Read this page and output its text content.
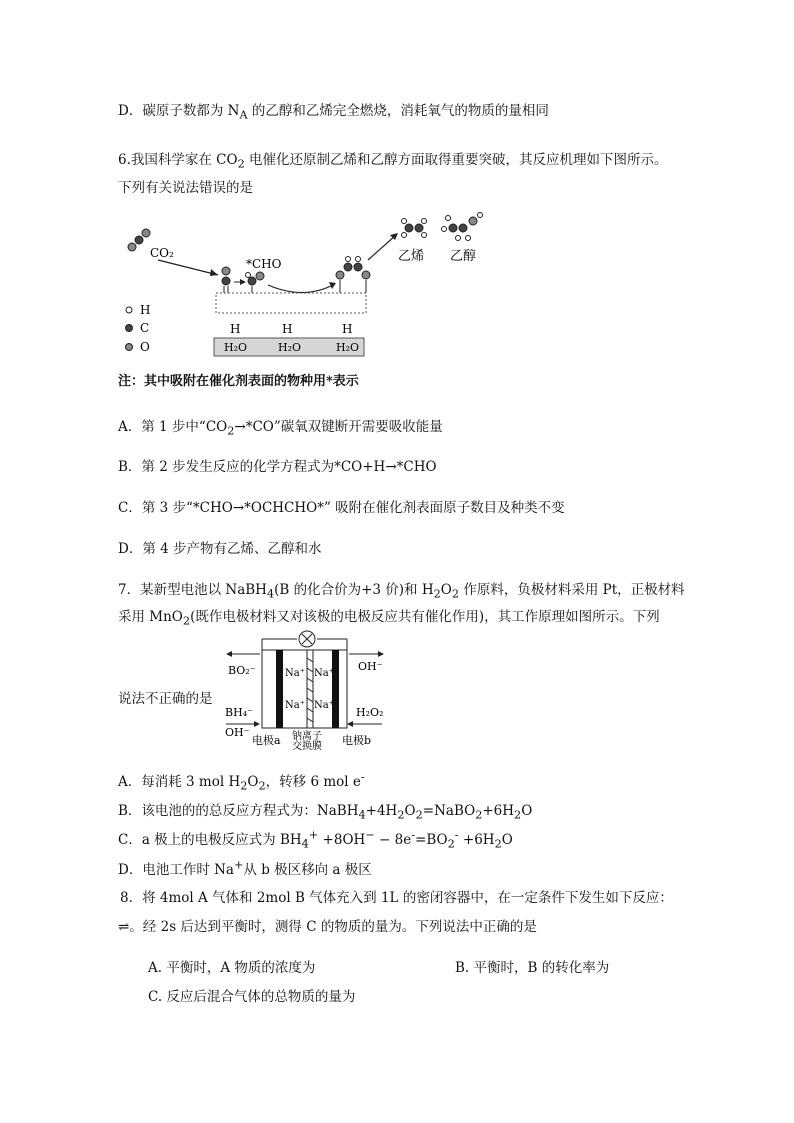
D．碳原子数都为 $N_A$ 的乙醇和乙烯完全燃烧，消耗氧气的物质的量相同
6.我国科学家在 $CO_2$ 电催化还原制乙烯和乙醇方面取得重要突破，其反应机理如下图所示。
下列有关说法错误的是
CO₂
*CHO	乙烯 乙醇
H
C
O
H	H	H
H₂O	H₂O	H₂O
注：其中吸附在催化剂表面的物种用*表示
A．第 1 步中“$CO_2\to*CO$”碳氧双键断开需要吸收能量
B．第 2 步发生反应的化学方程式为*CO+H→*CHO
C．第 3 步“*CHO→*OCHCHO*” 吸附在催化剂表面原子数目及种类不变
D．第 4 步产物有乙烯、乙醇和水
7．某新型电池以 NaBH$_4$(B 的化合价为+3 价)和 $H_2O_2$ 作原料，负极材料采用 Pt，正极材料
采用 MnO$_2$(既作电极材料又对该极的电极反应共有催化作用)，其工作原理如图所示。下列
说法不正确的是
Na⁺ Na⁺
Na⁺ Na⁺
BO₂⁻
BH₄⁻
OH⁻
OH⁻
H₂O₂
电极a 钠离子
交换膜 电极b
A．每消耗 3 mol $H_2O_2$，转移 6 mol e-
B．该电池的的总反应方程式为：$NaBH_4+4H_2O_2=NaBO_2+6H_2O$
C．a 极上的电极反应式为 $BH_4^+ +8OH^- - 8e^-=BO_2^- +6H_2O$
D．电池工作时 Na+从 b 极区移向 a 极区
8．将 4mol A 气体和 2mol B 气体充入到 1L 的密闭容器中，在一定条件下发生如下反应：
⇌。经 2s 后达到平衡时，测得 C 的物质的量为。下列说法中正确的是
A. 平衡时，A 物质的浓度为	B. 平衡时，B 的转化率为
C. 反应后混合气体的总物质的量为
